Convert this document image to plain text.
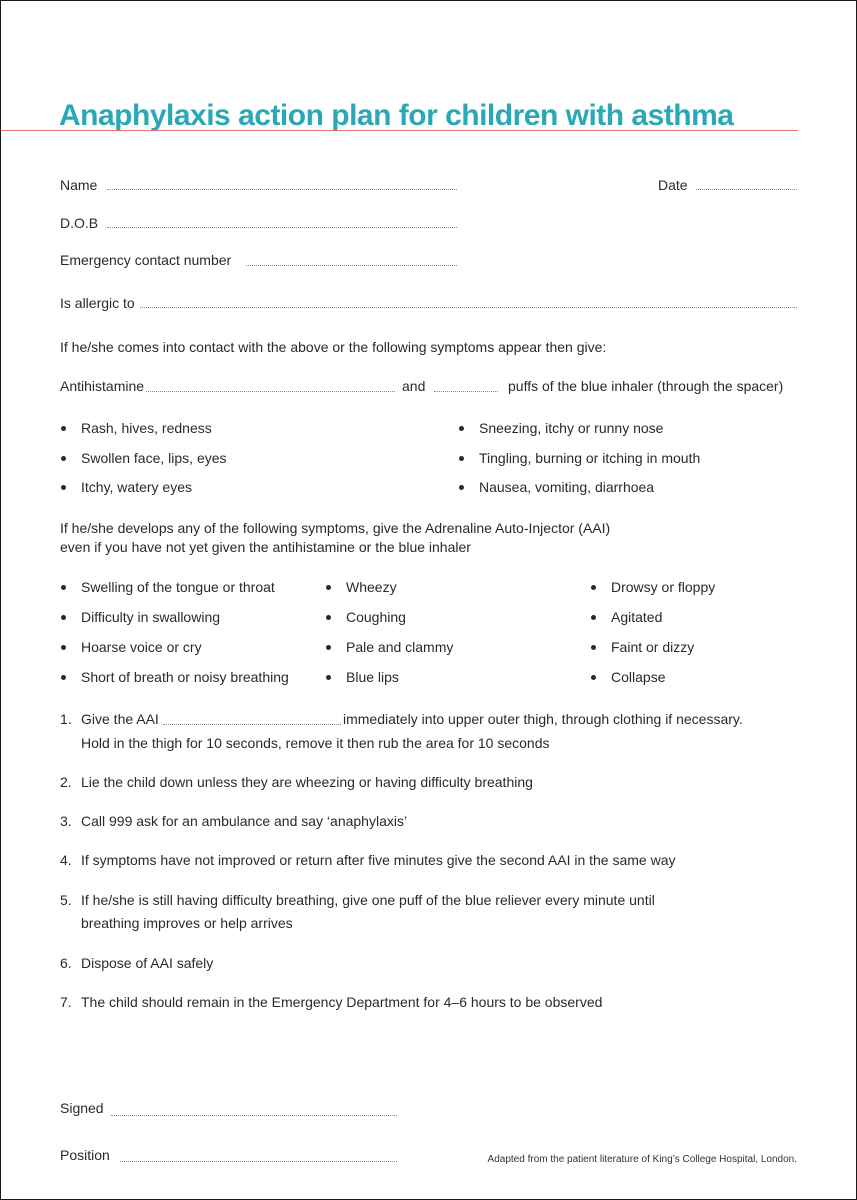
Anaphylaxis action plan for children with asthma
Name	Date
D.O.B
Emergency contact number
Is allergic to
If he/she comes into contact with the above or the following symptoms appear then give:
Antihistamine	and	puffs of the blue inhaler (through the spacer)
Rash, hives, redness
Swollen face, lips, eyes
Itchy, watery eyes
Sneezing, itchy or runny nose
Tingling, burning or itching in mouth
Nausea, vomiting, diarrhoea
If he/she develops any of the following symptoms, give the Adrenaline Auto-Injector (AAI)
even if you have not yet given the antihistamine or the blue inhaler
Swelling of the tongue or throat
Difficulty in swallowing
Hoarse voice or cry
Short of breath or noisy breathing
Wheezy
Coughing
Pale and clammy
Blue lips
Drowsy or floppy
Agitated
Faint or dizzy
Collapse
1. Give the AAI	immediately into upper outer thigh, through clothing if necessary.
Hold in the thigh for 10 seconds, remove it then rub the area for 10 seconds
2. Lie the child down unless they are wheezing or having difficulty breathing
3. Call 999 ask for an ambulance and say ‘anaphylaxis’
4. If symptoms have not improved or return after five minutes give the second AAI in the same way
5. If he/she is still having difficulty breathing, give one puff of the blue reliever every minute until
breathing improves or help arrives
6. Dispose of AAI safely
7. The child should remain in the Emergency Department for 4–6 hours to be observed
Signed
Position	Adapted from the patient literature of King’s College Hospital, London.
